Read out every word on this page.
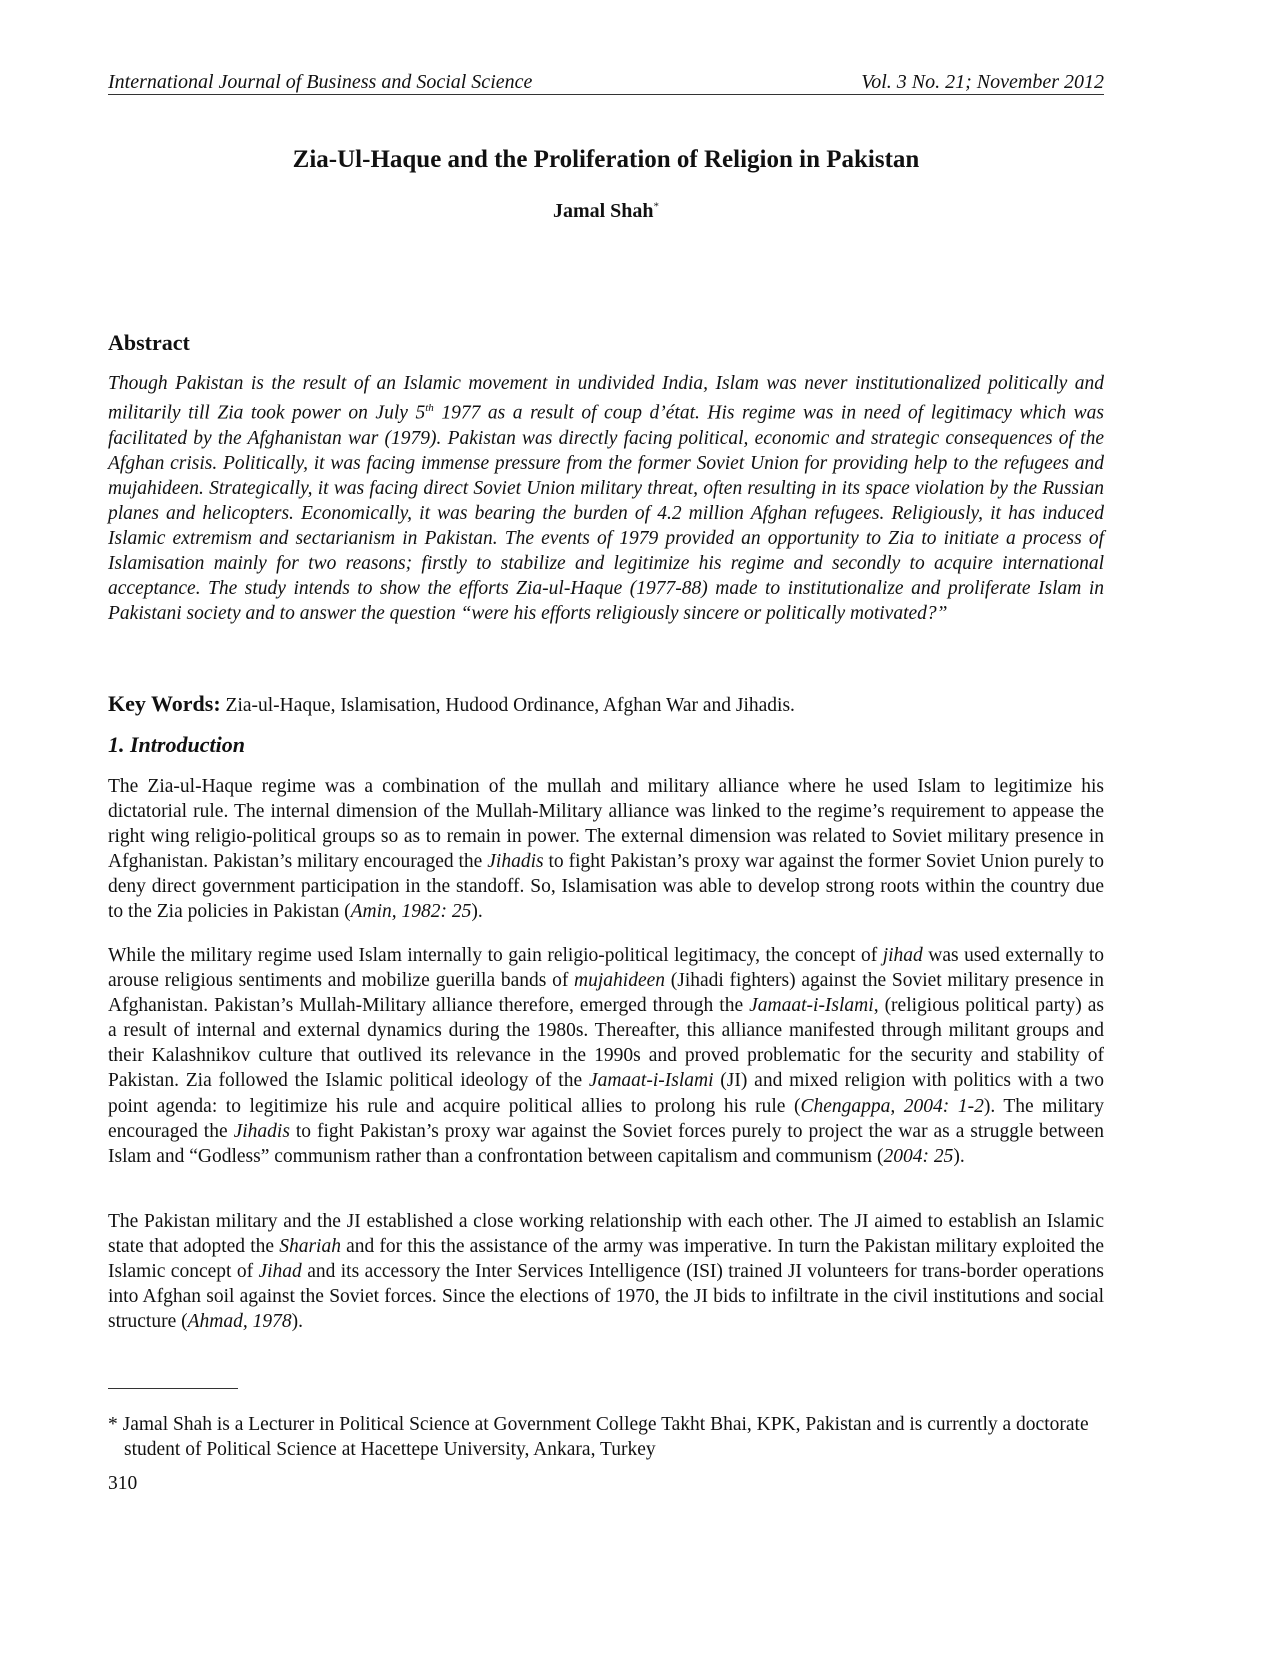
International Journal of Business and Social Science	Vol. 3 No. 21; November 2012
Zia-Ul-Haque and the Proliferation of Religion in Pakistan
Jamal Shah*
Abstract
Though Pakistan is the result of an Islamic movement in undivided India, Islam was never institutionalized politically and militarily till Zia took power on July 5th 1977 as a result of coup d’état. His regime was in need of legitimacy which was facilitated by the Afghanistan war (1979). Pakistan was directly facing political, economic and strategic consequences of the Afghan crisis. Politically, it was facing immense pressure from the former Soviet Union for providing help to the refugees and mujahideen. Strategically, it was facing direct Soviet Union military threat, often resulting in its space violation by the Russian planes and helicopters. Economically, it was bearing the burden of 4.2 million Afghan refugees. Religiously, it has induced Islamic extremism and sectarianism in Pakistan. The events of 1979 provided an opportunity to Zia to initiate a process of Islamisation mainly for two reasons; firstly to stabilize and legitimize his regime and secondly to acquire international acceptance. The study intends to show the efforts Zia-ul-Haque (1977-88) made to institutionalize and proliferate Islam in Pakistani society and to answer the question “were his efforts religiously sincere or politically motivated?”
Key Words: Zia-ul-Haque, Islamisation, Hudood Ordinance, Afghan War and Jihadis.
1. Introduction
The Zia-ul-Haque regime was a combination of the mullah and military alliance where he used Islam to legitimize his dictatorial rule. The internal dimension of the Mullah-Military alliance was linked to the regime’s requirement to appease the right wing religio-political groups so as to remain in power. The external dimension was related to Soviet military presence in Afghanistan. Pakistan’s military encouraged the Jihadis to fight Pakistan’s proxy war against the former Soviet Union purely to deny direct government participation in the standoff. So, Islamisation was able to develop strong roots within the country due to the Zia policies in Pakistan (Amin, 1982: 25).
While the military regime used Islam internally to gain religio-political legitimacy, the concept of jihad was used externally to arouse religious sentiments and mobilize guerilla bands of mujahideen (Jihadi fighters) against the Soviet military presence in Afghanistan. Pakistan’s Mullah-Military alliance therefore, emerged through the Jamaat-i-Islami, (religious political party) as a result of internal and external dynamics during the 1980s. Thereafter, this alliance manifested through militant groups and their Kalashnikov culture that outlived its relevance in the 1990s and proved problematic for the security and stability of Pakistan. Zia followed the Islamic political ideology of the Jamaat-i-Islami (JI) and mixed religion with politics with a two point agenda: to legitimize his rule and acquire political allies to prolong his rule (Chengappa, 2004: 1-2). The military encouraged the Jihadis to fight Pakistan’s proxy war against the Soviet forces purely to project the war as a struggle between Islam and “Godless” communism rather than a confrontation between capitalism and communism (2004: 25).
The Pakistan military and the JI established a close working relationship with each other. The JI aimed to establish an Islamic state that adopted the Shariah and for this the assistance of the army was imperative. In turn the Pakistan military exploited the Islamic concept of Jihad and its accessory the Inter Services Intelligence (ISI) trained JI volunteers for trans-border operations into Afghan soil against the Soviet forces. Since the elections of 1970, the JI bids to infiltrate in the civil institutions and social structure (Ahmad, 1978).
* Jamal Shah is a Lecturer in Political Science at Government College Takht Bhai, KPK, Pakistan and is currently a doctorate student of Political Science at Hacettepe University, Ankara, Turkey
310
